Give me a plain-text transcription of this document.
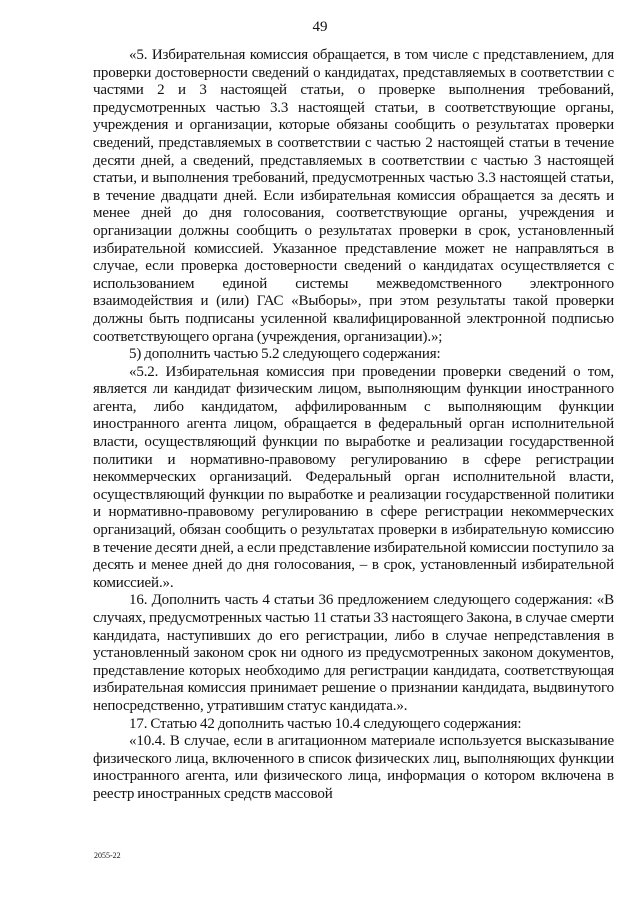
49

«5. Избирательная комиссия обращается, в том числе с представлением, для проверки достоверности сведений о кандидатах, представляемых в соответствии с частями 2 и 3 настоящей статьи, о проверке выполнения требований, предусмотренных частью 3.3 настоящей статьи, в соответствующие органы, учреждения и организации, которые обязаны сообщить о результатах проверки сведений, представляемых в соответствии с частью 2 настоящей статьи в течение десяти дней, а сведений, представляемых в соответствии с частью 3 настоящей статьи, и выполнения требований, предусмотренных частью 3.3 настоящей статьи, в течение двадцати дней. Если избирательная комиссия обращается за десять и менее дней до дня голосования, соответствующие органы, учреждения и организации должны сообщить о результатах проверки в срок, установленный избирательной комиссией. Указанное представление может не направляться в случае, если проверка достоверности сведений о кандидатах осуществляется с использованием единой системы межведомственного электронного взаимодействия и (или) ГАС «Выборы», при этом результаты такой проверки должны быть подписаны усиленной квалифицированной электронной подписью соответствующего органа (учреждения, организации).»;

5) дополнить частью 5.2 следующего содержания:

«5.2. Избирательная комиссия при проведении проверки сведений о том, является ли кандидат физическим лицом, выполняющим функции иностранного агента, либо кандидатом, аффилированным с выполняющим функции иностранного агента лицом, обращается в федеральный орган исполнительной власти, осуществляющий функции по выработке и реализации государственной политики и нормативно-правовому регулированию в сфере регистрации некоммерческих организаций. Федеральный орган исполнительной власти, осуществляющий функции по выработке и реализации государственной политики и нормативно-правовому регулированию в сфере регистрации некоммерческих организаций, обязан сообщить о результатах проверки в избирательную комиссию в течение десяти дней, а если представление избирательной комиссии поступило за десять и менее дней до дня голосования, – в срок, установленный избирательной комиссией.».

16. Дополнить часть 4 статьи 36 предложением следующего содержания: «В случаях, предусмотренных частью 11 статьи 33 настоящего Закона, в случае смерти кандидата, наступивших до его регистрации, либо в случае непредставления в установленный законом срок ни одного из предусмотренных законом документов, представление которых необходимо для регистрации кандидата, соответствующая избирательная комиссия принимает решение о признании кандидата, выдвинутого непосредственно, утратившим статус кандидата.».

17. Статью 42 дополнить частью 10.4 следующего содержания:

«10.4. В случае, если в агитационном материале используется высказывание физического лица, включенного в список физических лиц, выполняющих функции иностранного агента, или физического лица, информация о котором включена в реестр иностранных средств массовой

2055-22
